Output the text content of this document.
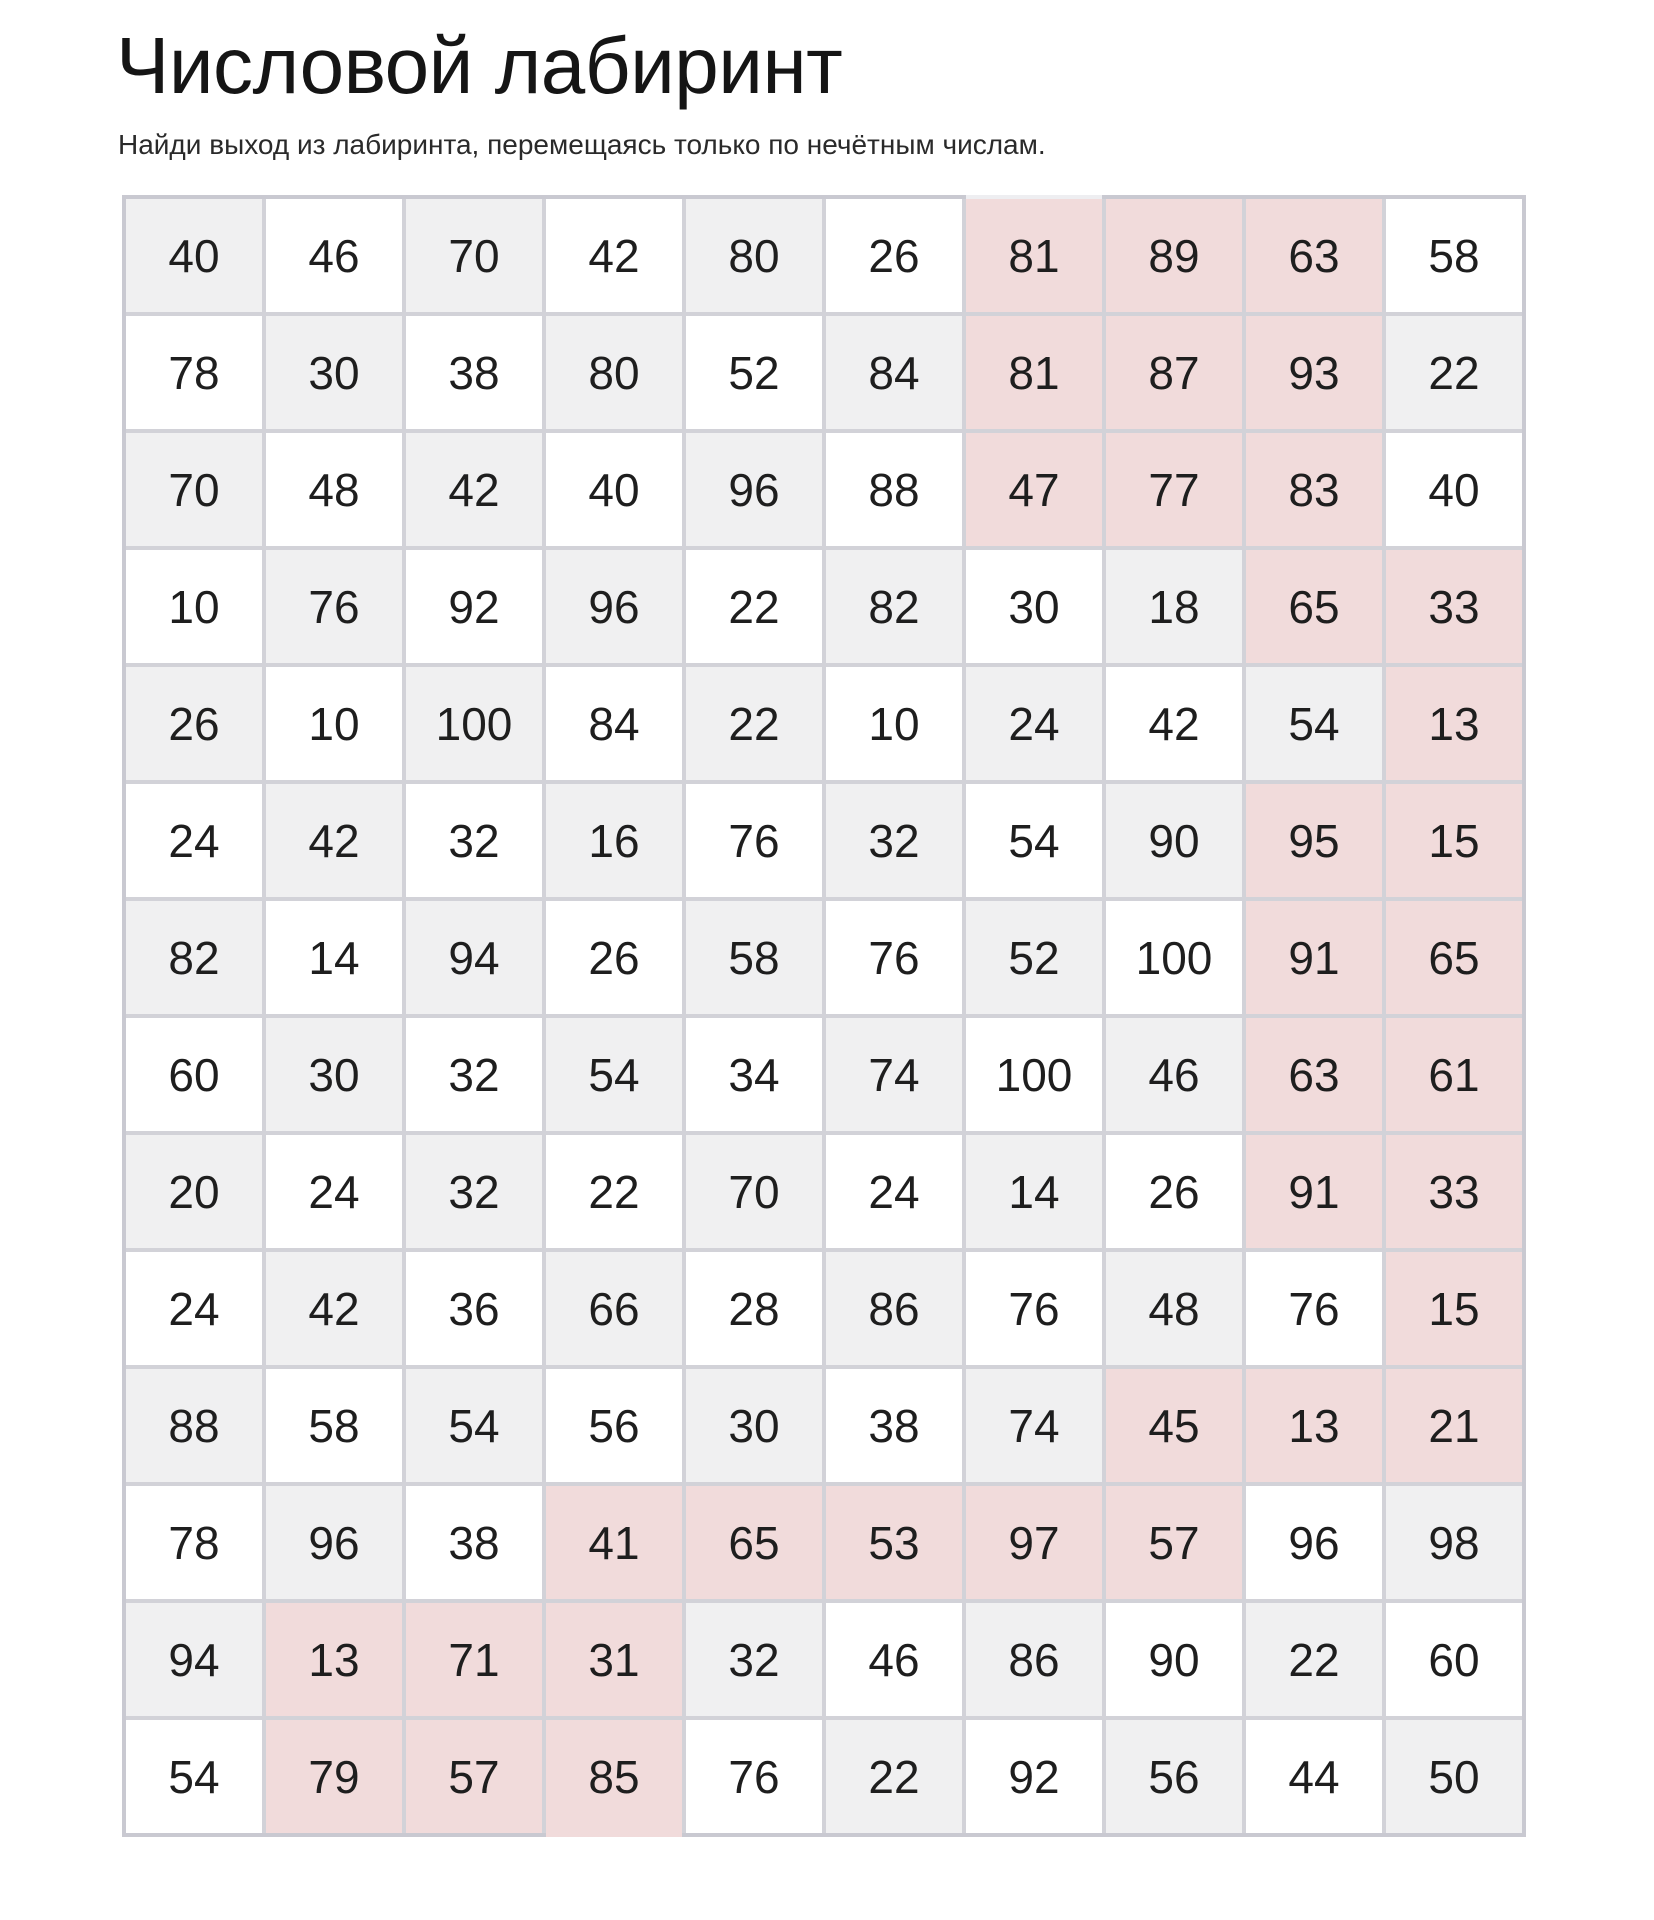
Числовой лабиринт

Найди выход из лабиринта, перемещаясь только по нечётным числам.

40	46	70	42	80	26	81	89	63	58
78	30	38	80	52	84	81	87	93	22
70	48	42	40	96	88	47	77	83	40
10	76	92	96	22	82	30	18	65	33
26	10	100	84	22	10	24	42	54	13
24	42	32	16	76	32	54	90	95	15
82	14	94	26	58	76	52	100	91	65
60	30	32	54	34	74	100	46	63	61
20	24	32	22	70	24	14	26	91	33
24	42	36	66	28	86	76	48	76	15
88	58	54	56	30	38	74	45	13	21
78	96	38	41	65	53	97	57	96	98
94	13	71	31	32	46	86	90	22	60
54	79	57	85	76	22	92	56	44	50
